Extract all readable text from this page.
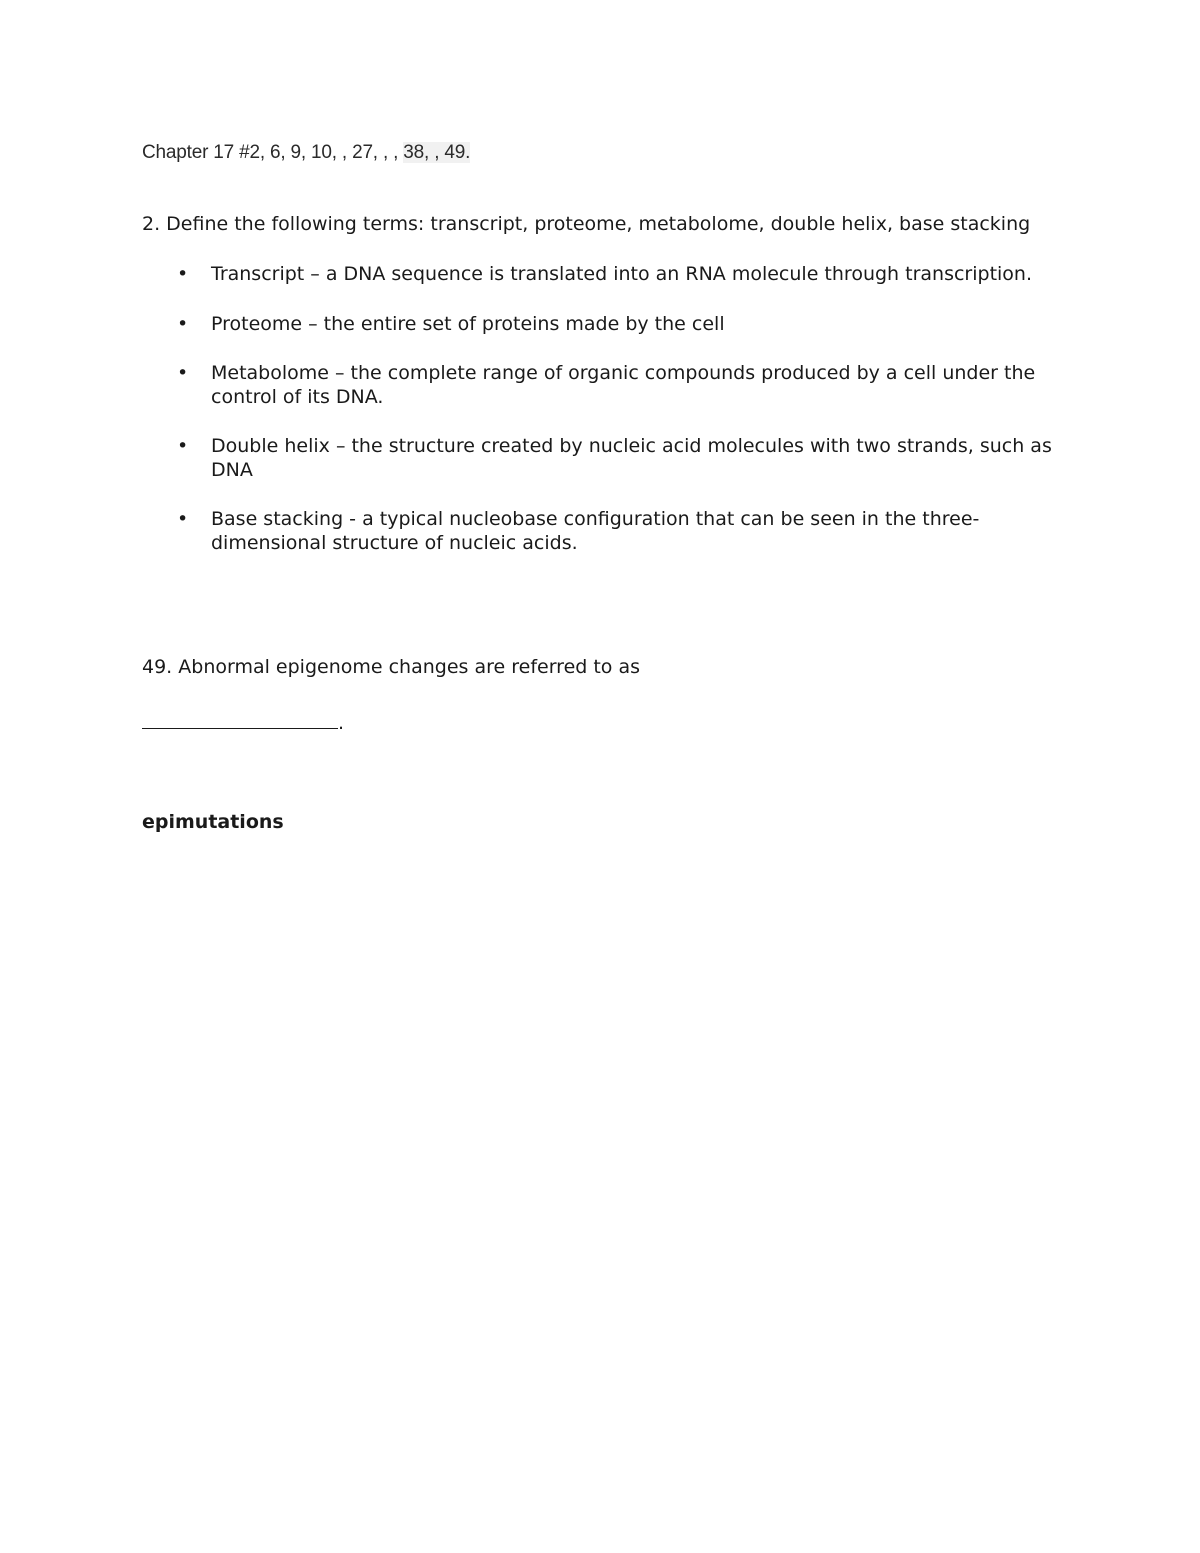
Chapter 17 #2, 6, 9, 10, , 27, , , 38, , 49.
2. Define the following terms: transcript, proteome, metabolome, double helix, base stacking
• Transcript – a DNA sequence is translated into an RNA molecule through transcription.
• Proteome – the entire set of proteins made by the cell
• Metabolome – the complete range of organic compounds produced by a cell under the control of its DNA.
• Double helix – the structure created by nucleic acid molecules with two strands, such as DNA
• Base stacking - a typical nucleobase configuration that can be seen in the three-dimensional structure of nucleic acids.
49. Abnormal epigenome changes are referred to as
.
epimutations
